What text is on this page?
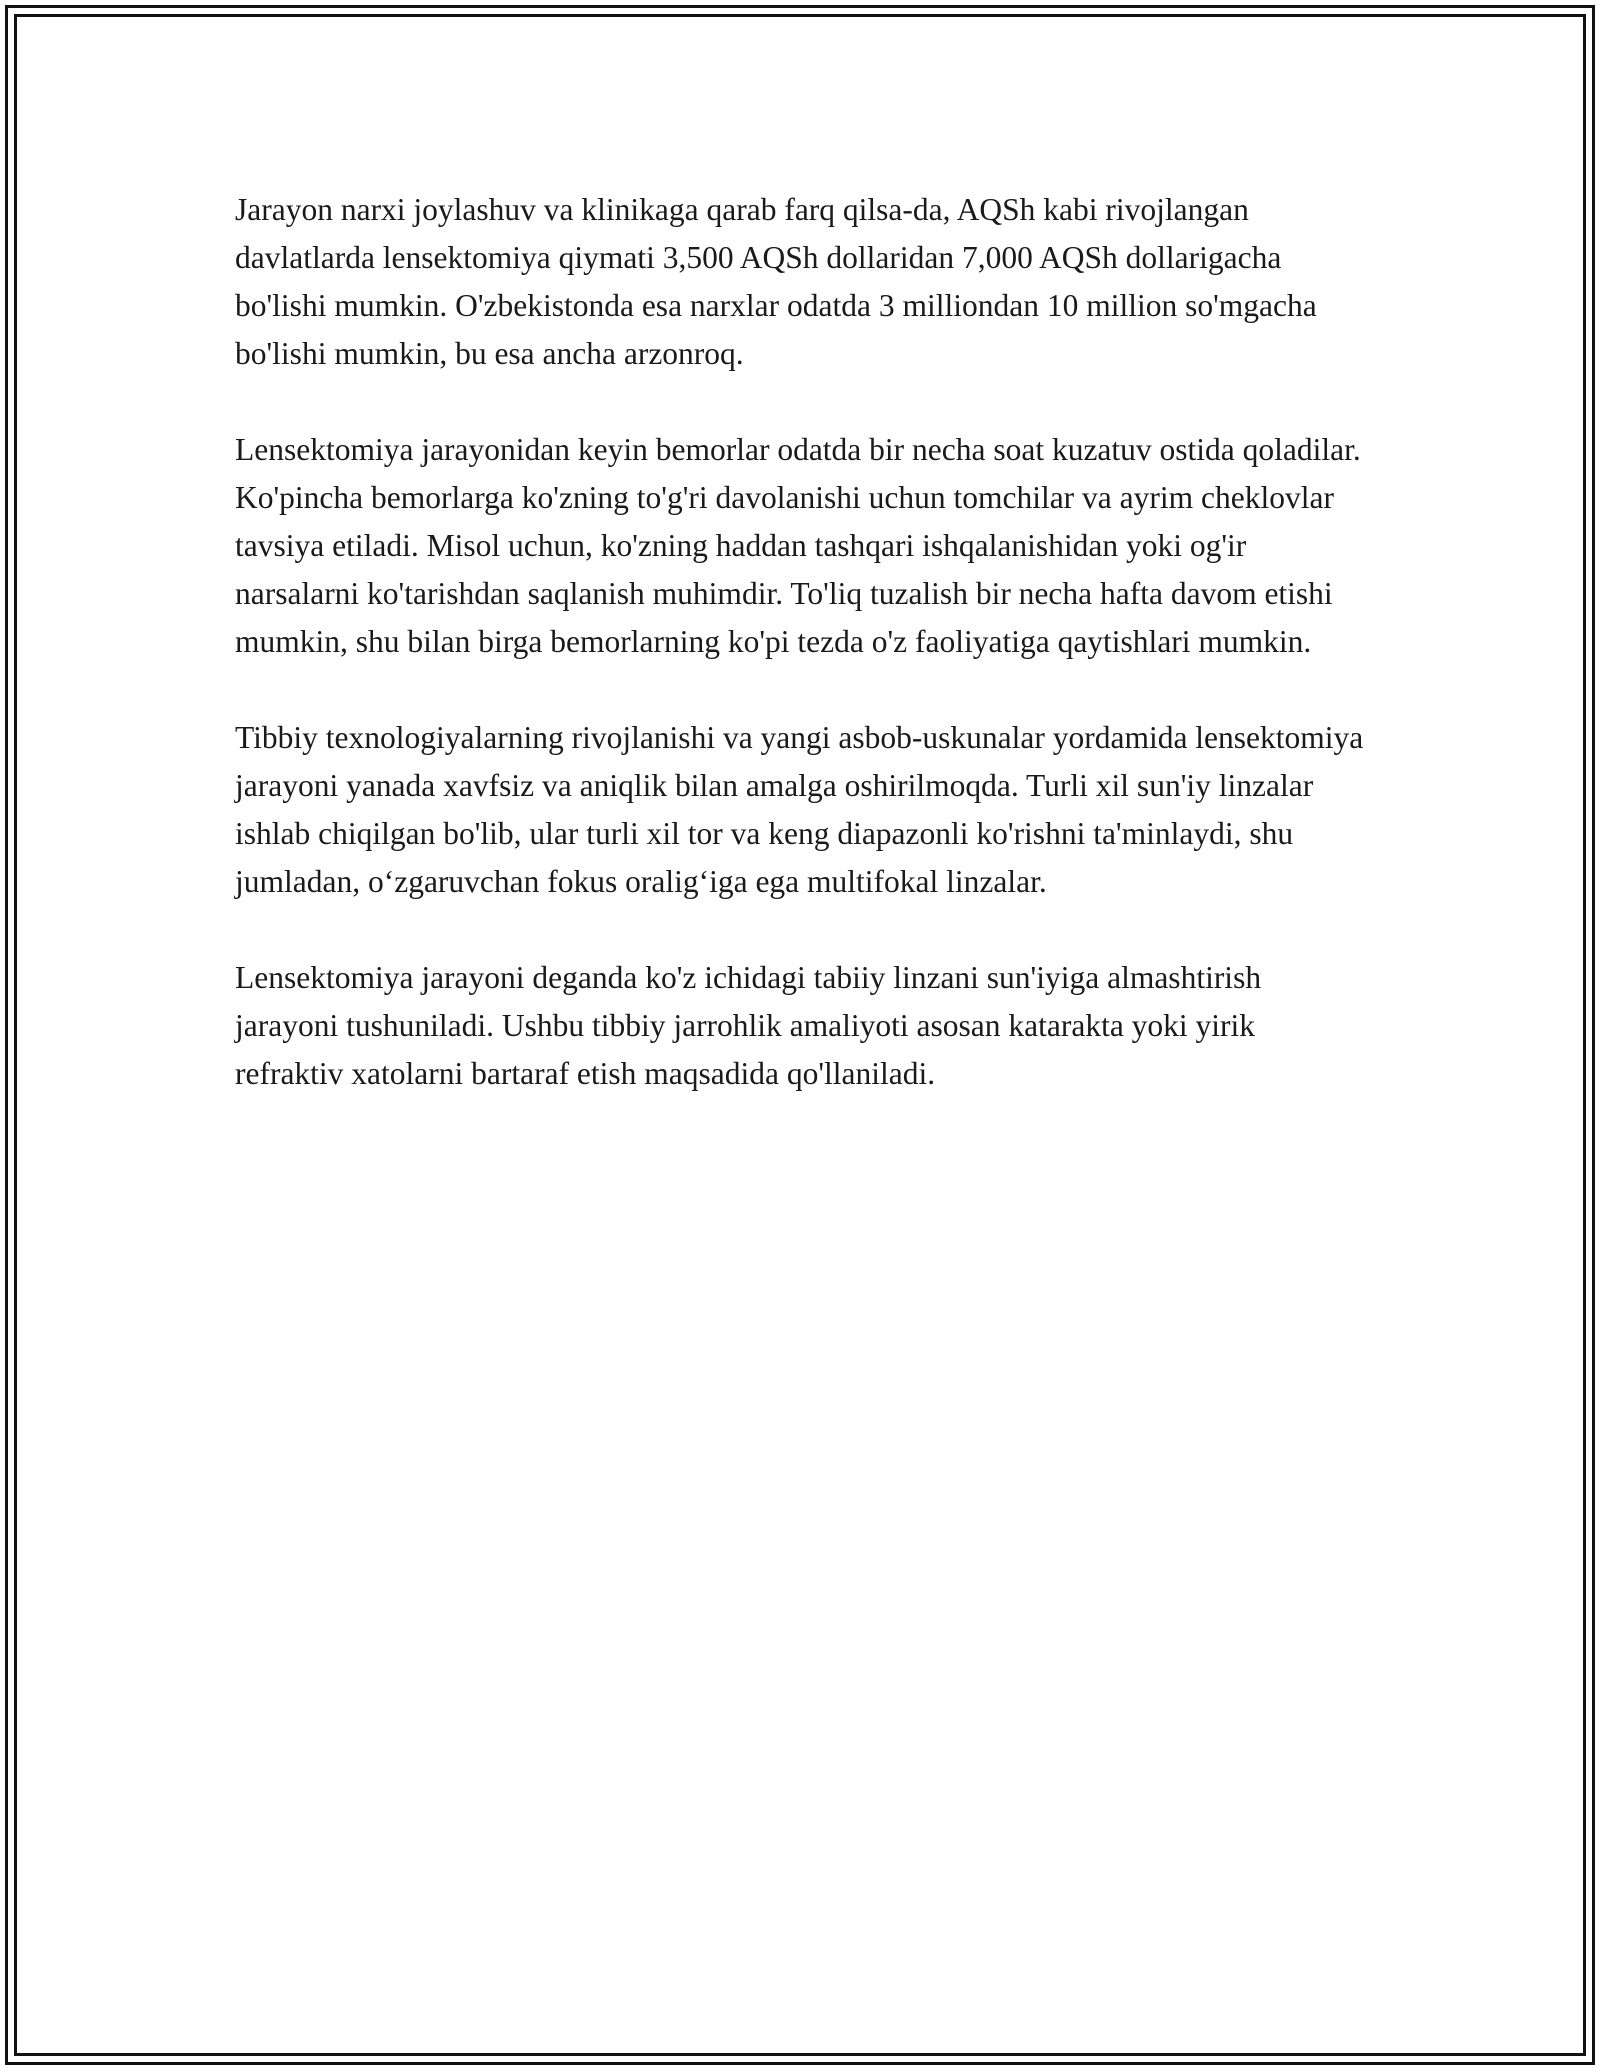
Jarayon narxi joylashuv va klinikaga qarab farq qilsa-da, AQSh kabi rivojlangan davlatlarda lensektomiya qiymati 3,500 AQSh dollaridan 7,000 AQSh dollarigacha bo'lishi mumkin. O'zbekistonda esa narxlar odatda 3 milliondan 10 million so'mgacha bo'lishi mumkin, bu esa ancha arzonroq.

Lensektomiya jarayonidan keyin bemorlar odatda bir necha soat kuzatuv ostida qoladilar. Ko'pincha bemorlarga ko'zning to'g'ri davolanishi uchun tomchilar va ayrim cheklovlar tavsiya etiladi. Misol uchun, ko'zning haddan tashqari ishqalanishidan yoki og'ir narsalarni ko'tarishdan saqlanish muhimdir. To'liq tuzalish bir necha hafta davom etishi mumkin, shu bilan birga bemorlarning ko'pi tezda o'z faoliyatiga qaytishlari mumkin.

Tibbiy texnologiyalarning rivojlanishi va yangi asbob-uskunalar yordamida lensektomiya jarayoni yanada xavfsiz va aniqlik bilan amalga oshirilmoqda. Turli xil sun'iy linzalar ishlab chiqilgan bo'lib, ular turli xil tor va keng diapazonli ko'rishni ta'minlaydi, shu jumladan, o‘zgaruvchan fokus oralig‘iga ega multifokal linzalar.

Lensektomiya jarayoni deganda ko'z ichidagi tabiiy linzani sun'iyiga almashtirish jarayoni tushuniladi. Ushbu tibbiy jarrohlik amaliyoti asosan katarakta yoki yirik refraktiv xatolarni bartaraf etish maqsadida qo'llaniladi.
